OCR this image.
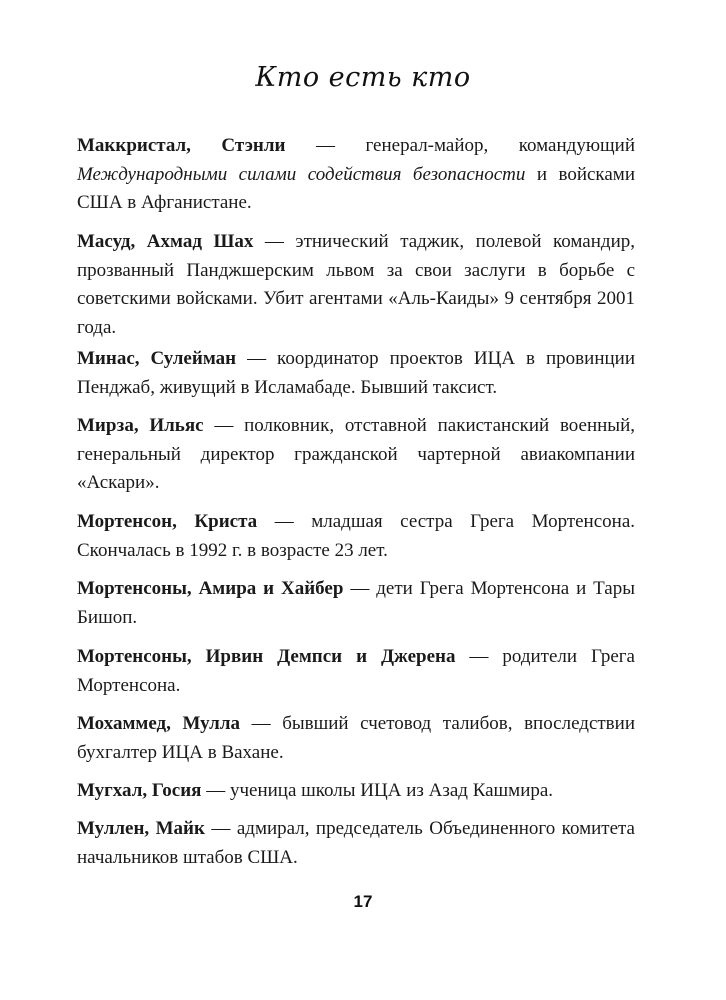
Кто есть кто

Маккристал, Стэнли — генерал-майор, командующий Международными силами содействия безопасности и войсками США в Афганистане.

Масуд, Ахмад Шах — этнический таджик, полевой командир, прозванный Панджшерским львом за свои заслуги в борьбе с советскими войсками. Убит агентами «Аль-Каиды» 9 сентября 2001 года.

Минас, Сулейман — координатор проектов ИЦА в провинции Пенджаб, живущий в Исламабаде. Бывший таксист.

Мирза, Ильяс — полковник, отставной пакистанский военный, генеральный директор гражданской чартерной авиакомпании «Аскари».

Мортенсон, Криста — младшая сестра Грега Мортенсона. Скончалась в 1992 г. в возрасте 23 лет.

Мортенсоны, Амира и Хайбер — дети Грега Мортенсона и Тары Бишоп.

Мортенсоны, Ирвин Демпси и Джерена — родители Грега Мортенсона.

Мохаммед, Мулла — бывший счетовод талибов, впоследствии бухгалтер ИЦА в Вахане.

Мугхал, Госия — ученица школы ИЦА из Азад Кашмира.

Муллен, Майк — адмирал, председатель Объединенного комитета начальников штабов США.

17
